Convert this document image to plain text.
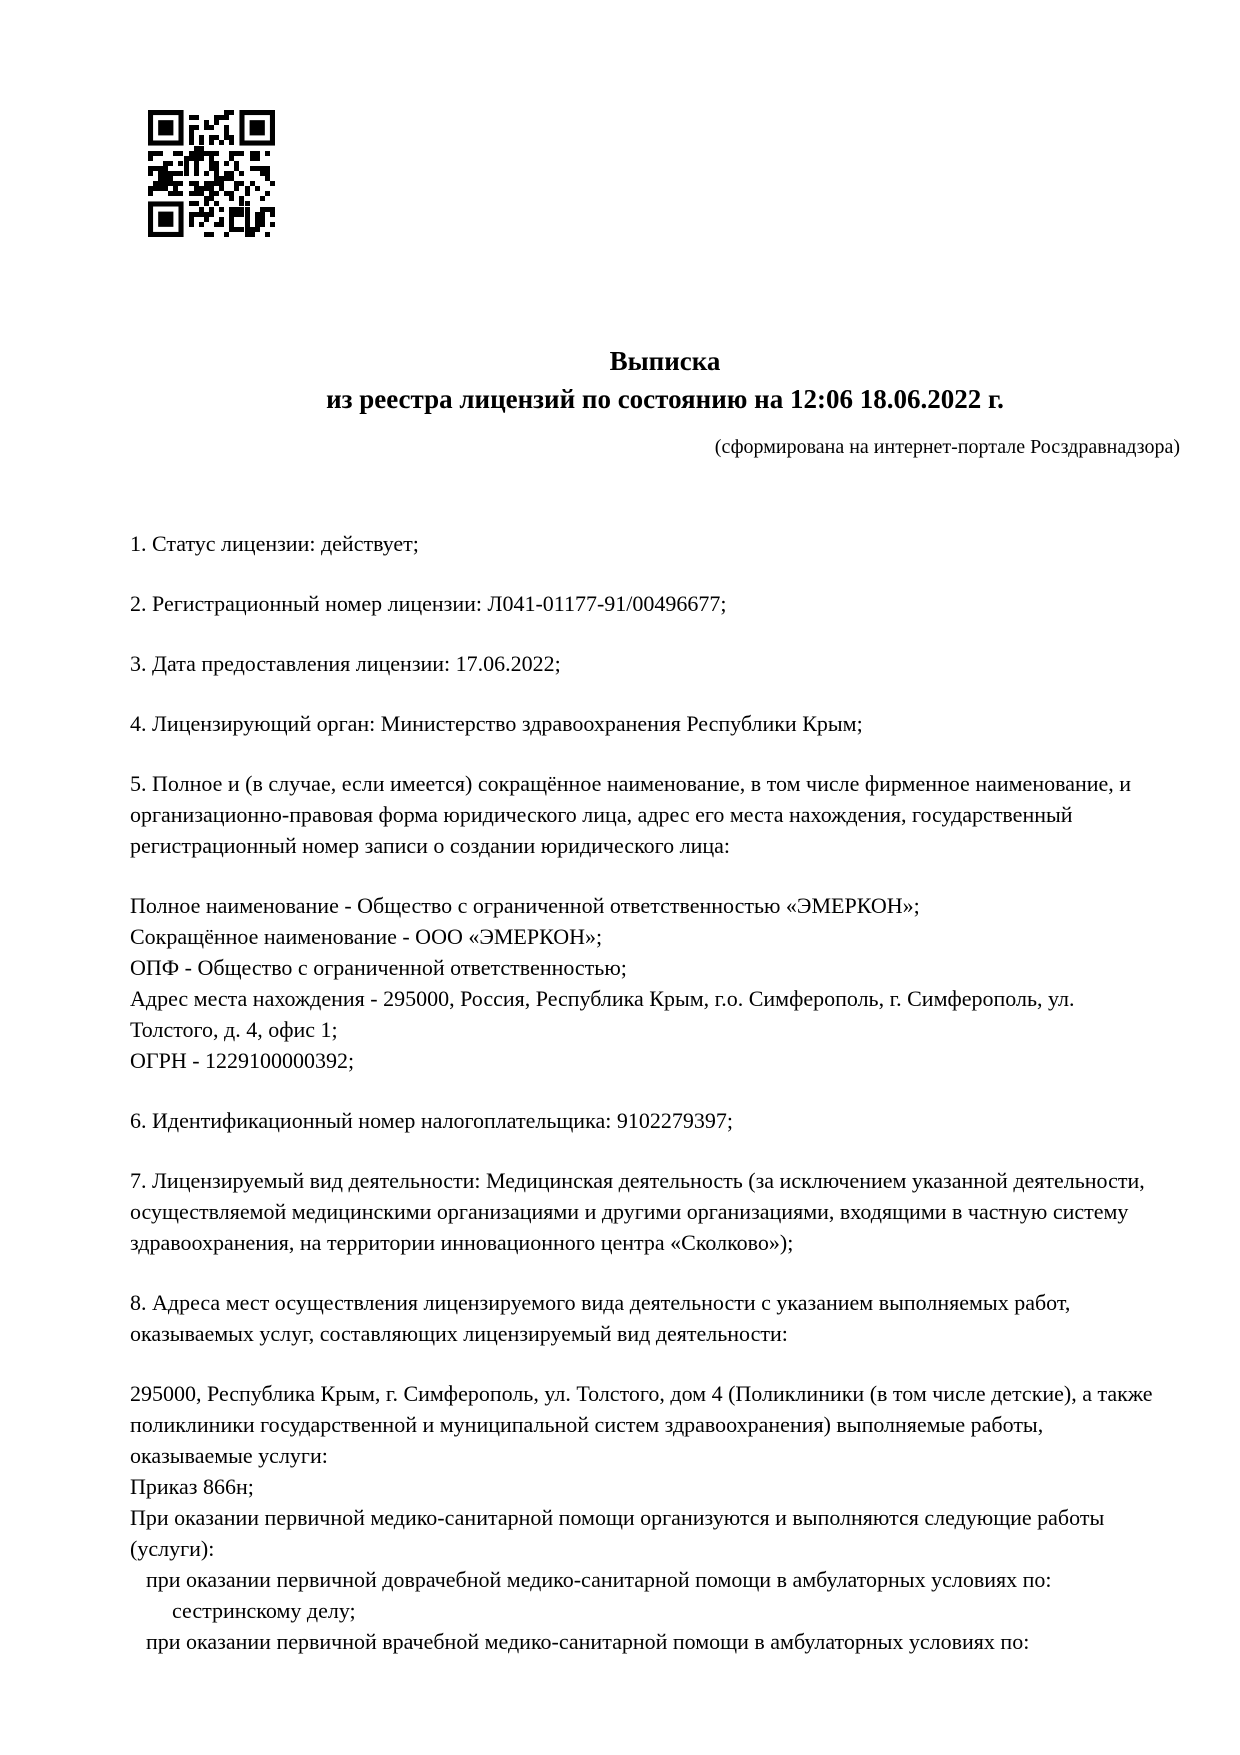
Выписка
из реестра лицензий по состоянию на 12:06 18.06.2022 г.
(сформирована на интернет-портале Росздравнадзора)

1. Статус лицензии: действует;

2. Регистрационный номер лицензии: Л041-01177-91/00496677;

3. Дата предоставления лицензии: 17.06.2022;

4. Лицензирующий орган: Министерство здравоохранения Республики Крым;

5. Полное и (в случае, если имеется) сокращённое наименование, в том числе фирменное наименование, и организационно-правовая форма юридического лица, адрес его места нахождения, государственный регистрационный номер записи о создании юридического лица:

Полное наименование - Общество с ограниченной ответственностью «ЭМЕРКОН»;

Сокращённое наименование - ООО «ЭМЕРКОН»;

ОПФ - Общество с ограниченной ответственностью;

Адрес места нахождения - 295000, Россия, Республика Крым, г.о. Симферополь, г. Симферополь, ул. Толстого, д. 4, офис 1;

ОГРН - 1229100000392;

6. Идентификационный номер налогоплательщика: 9102279397;

7. Лицензируемый вид деятельности: Медицинская деятельность (за исключением указанной деятельности, осуществляемой медицинскими организациями и другими организациями, входящими в частную систему здравоохранения, на территории инновационного центра «Сколково»);

8. Адреса мест осуществления лицензируемого вида деятельности с указанием выполняемых работ, оказываемых услуг, составляющих лицензируемый вид деятельности:

295000, Республика Крым, г. Симферополь, ул. Толстого, дом 4 (Поликлиники (в том числе детские), а также поликлиники государственной и муниципальной систем здравоохранения) выполняемые работы, оказываемые услуги:

Приказ 866н;

При оказании первичной медико-санитарной помощи организуются и выполняются следующие работы (услуги):

при оказании первичной доврачебной медико-санитарной помощи в амбулаторных условиях по:

сестринскому делу;

при оказании первичной врачебной медико-санитарной помощи в амбулаторных условиях по:
